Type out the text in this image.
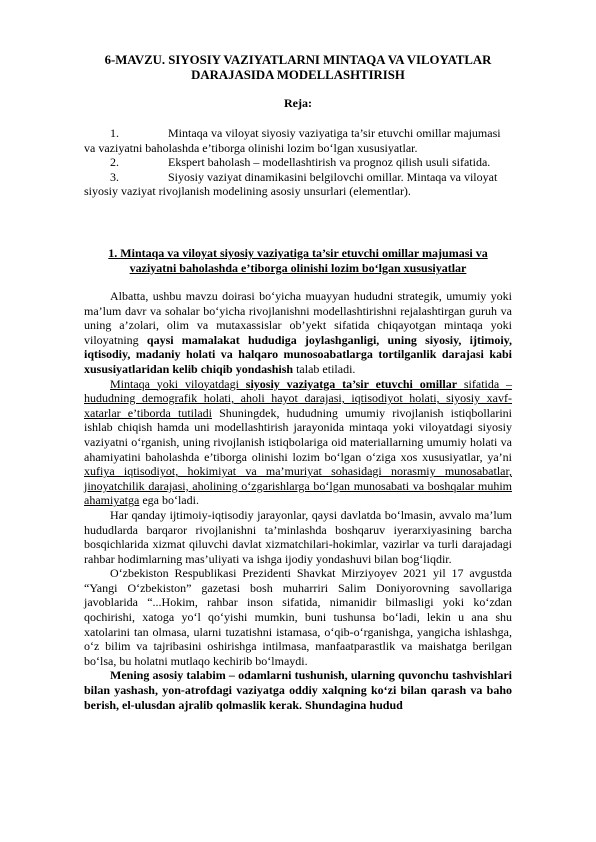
6-MAVZU. SIYOSIY VAZIYATLARNI MINTAQA VA VILOYATLAR DARAJASIDA MODELLASHTIRISH
Reja:

1.	Mintaqa va viloyat siyosiy vaziyatiga ta’sir etuvchi omillar majumasi va vaziyatni baholashda e’tiborga olinishi lozim bo‘lgan xususiyatlar.

2.	Ekspert baholash – modellashtirish va prognoz qilish usuli sifatida.

3.	Siyosiy vaziyat dinamikasini belgilovchi omillar. Mintaqa va viloyat siyosiy vaziyat rivojlanish modelining asosiy unsurlari (elementlar).

1. Mintaqa va viloyat siyosiy vaziyatiga ta’sir etuvchi omillar majumasi va vaziyatni baholashda e’tiborga olinishi lozim bo‘lgan xususiyatlar

Albatta, ushbu mavzu doirasi bo‘yicha muayyan hududni strategik, umumiy yoki ma’lum davr va sohalar bo‘yicha rivojlanishni modellashtirishni rejalashtirgan guruh va uning a’zolari, olim va mutaxassislar ob’yekt sifatida chiqayotgan mintaqa yoki viloyatning qaysi mamalakat hududiga joylashganligi, uning siyosiy, ijtimoiy, iqtisodiy, madaniy holati va halqaro munosoabatlarga tortilganlik darajasi kabi xususiyatlaridan kelib chiqib yondashish talab etiladi.

Mintaqa yoki viloyatdagi siyosiy vaziyatga ta’sir etuvchi omillar sifatida – hududning demografik holati, aholi hayot darajasi, iqtisodiyot holati, siyosiy xavf-xatarlar e’tiborda tutiladi Shuningdek, hududning umumiy rivojlanish istiqbollarini ishlab chiqish hamda uni modellashtirish jarayonida mintaqa yoki viloyatdagi siyosiy vaziyatni o‘rganish, uning rivojlanish istiqbolariga oid materiallarning umumiy holati va ahamiyatini baholashda e’tiborga olinishi lozim bo‘lgan o‘ziga xos xususiyatlar, ya’ni xufiya iqtisodiyot, hokimiyat va ma’muriyat sohasidagi norasmiy munosabatlar, jinoyatchilik darajasi, aholining o‘zgarishlarga bo‘lgan munosabati va boshqalar muhim ahamiyatga ega bo‘ladi.

Har qanday ijtimoiy-iqtisodiy jarayonlar, qaysi davlatda bo‘lmasin, avvalo ma’lum hududlarda barqaror rivojlanishni ta’minlashda boshqaruv iyerarxiyasining barcha bosqichlarida xizmat qiluvchi davlat xizmatchilari-hokimlar, vazirlar va turli darajadagi rahbar hodimlarning mas’uliyati va ishga ijodiy yondashuvi bilan bog‘liqdir.

O‘zbekiston Respublikasi Prezidenti Shavkat Mirziyoyev 2021 yil 17 avgustda “Yangi O‘zbekiston” gazetasi bosh muharriri Salim Doniyorovning savollariga javoblarida “...Hokim, rahbar inson sifatida, nimanidir bilmasligi yoki ko‘zdan qochirishi, xatoga yo‘l qo‘yishi mumkin, buni tushunsa bo‘ladi, lekin u ana shu xatolarini tan olmasa, ularni tuzatishni istamasa, o‘qib-o‘rganishga, yangicha ishlashga, o‘z bilim va tajribasini oshirishga intilmasa, manfaatparastlik va maishatga berilgan bo‘lsa, bu holatni mutlaqo kechirib bo‘lmaydi.

Mening asosiy talabim – odamlarni tushunish, ularning quvonchu tashvishlari bilan yashash, yon-atrofdagi vaziyatga oddiy xalqning ko‘zi bilan qarash va baho berish, el-ulusdan ajralib qolmaslik kerak. Shundagina hudud
